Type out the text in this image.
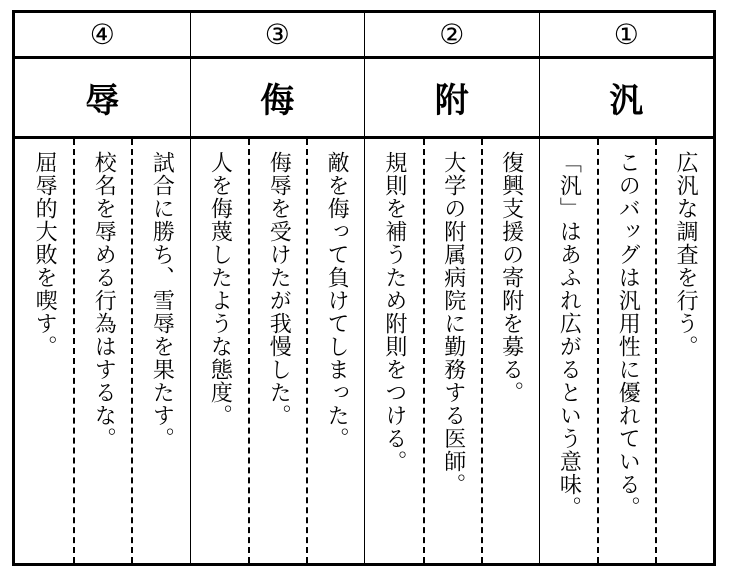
④
辱
試合に勝ち、雪辱を果たす。
校名を辱める行為はするな。
屈辱的大敗を喫す。
③
侮
敵を侮って負けてしまった。
侮辱を受けたが我慢した。
人を侮蔑したような態度。
②
附
復興支援の寄附を募る。
大学の附属病院に勤務する医師。
規則を補うため附則をつける。
①
汎
広汎な調査を行う。
このバッグは汎用性に優れている。
「汎」はあふれ広がるという意味。
